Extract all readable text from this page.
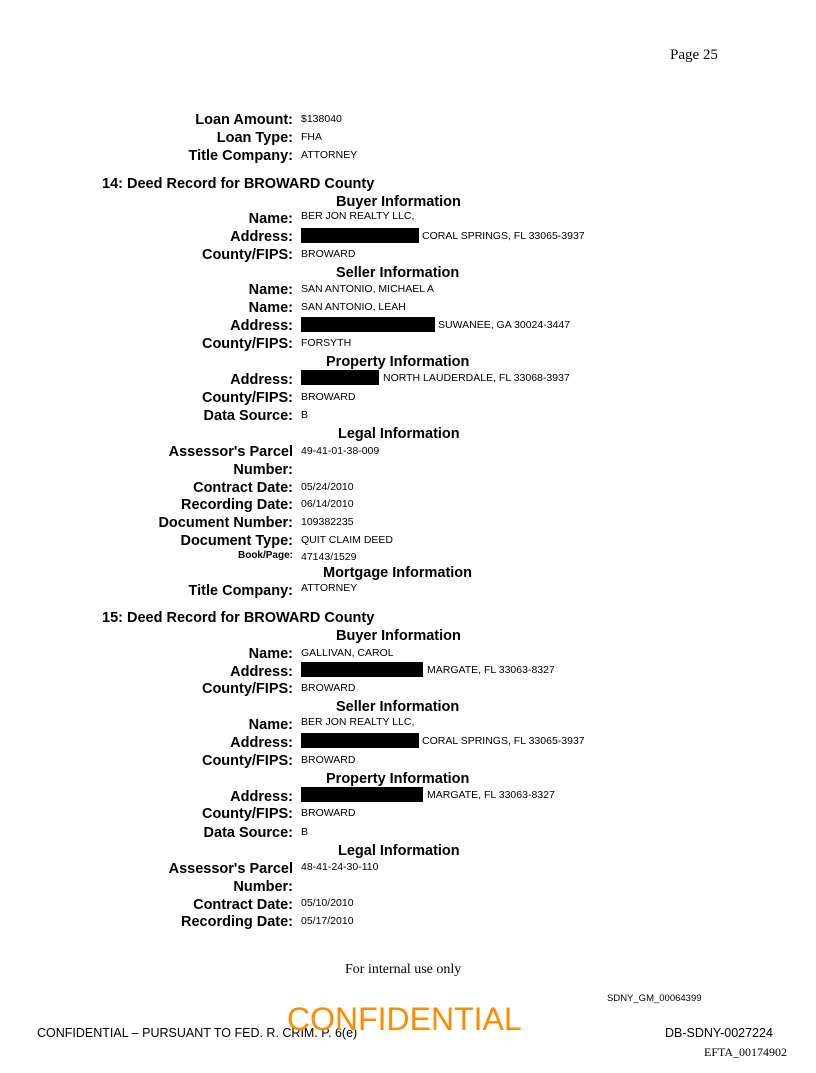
Page 25
Loan Amount: $138040
Loan Type: FHA
Title Company: ATTORNEY
14: Deed Record for BROWARD County
Buyer Information
Name: BER JON REALTY LLC,
Address:	CORAL SPRINGS, FL 33065-3937
County/FIPS: BROWARD
Seller Information
Name: SAN ANTONIO, MICHAEL A
Name: SAN ANTONIO, LEAH
Address:	SUWANEE, GA 30024-3447
County/FIPS: FORSYTH
Property Information
Address:	NORTH LAUDERDALE, FL 33068-3937
County/FIPS: BROWARD
Data Source: B
Legal Information
Assessor's Parcel 49-41-01-38-009
Number:
Contract Date: 05/24/2010
Recording Date: 06/14/2010
Document Number: 109382235
Document Type: QUIT CLAIM DEED
Book/Page: 47143/1529
Mortgage Information
Title Company: ATTORNEY
15: Deed Record for BROWARD County
Buyer Information
Name: GALLIVAN, CAROL
Address:	MARGATE, FL 33063-8327
County/FIPS: BROWARD
Seller Information
Name: BER JON REALTY LLC,
Address:	CORAL SPRINGS, FL 33065-3937
County/FIPS: BROWARD
Property Information
Address:	MARGATE, FL 33063-8327
County/FIPS: BROWARD
Data Source: B
Legal Information
Assessor's Parcel 48-41-24-30-110
Number:
Contract Date: 05/10/2010
Recording Date: 05/17/2010
For internal use only
SDNY_GM_00064399
CONFIDENTIAL – PURSUANT TO FED. R. CRIM. P. 6(e)
CONFIDENTIAL	DB-SDNY-0027224
EFTA_00174902
